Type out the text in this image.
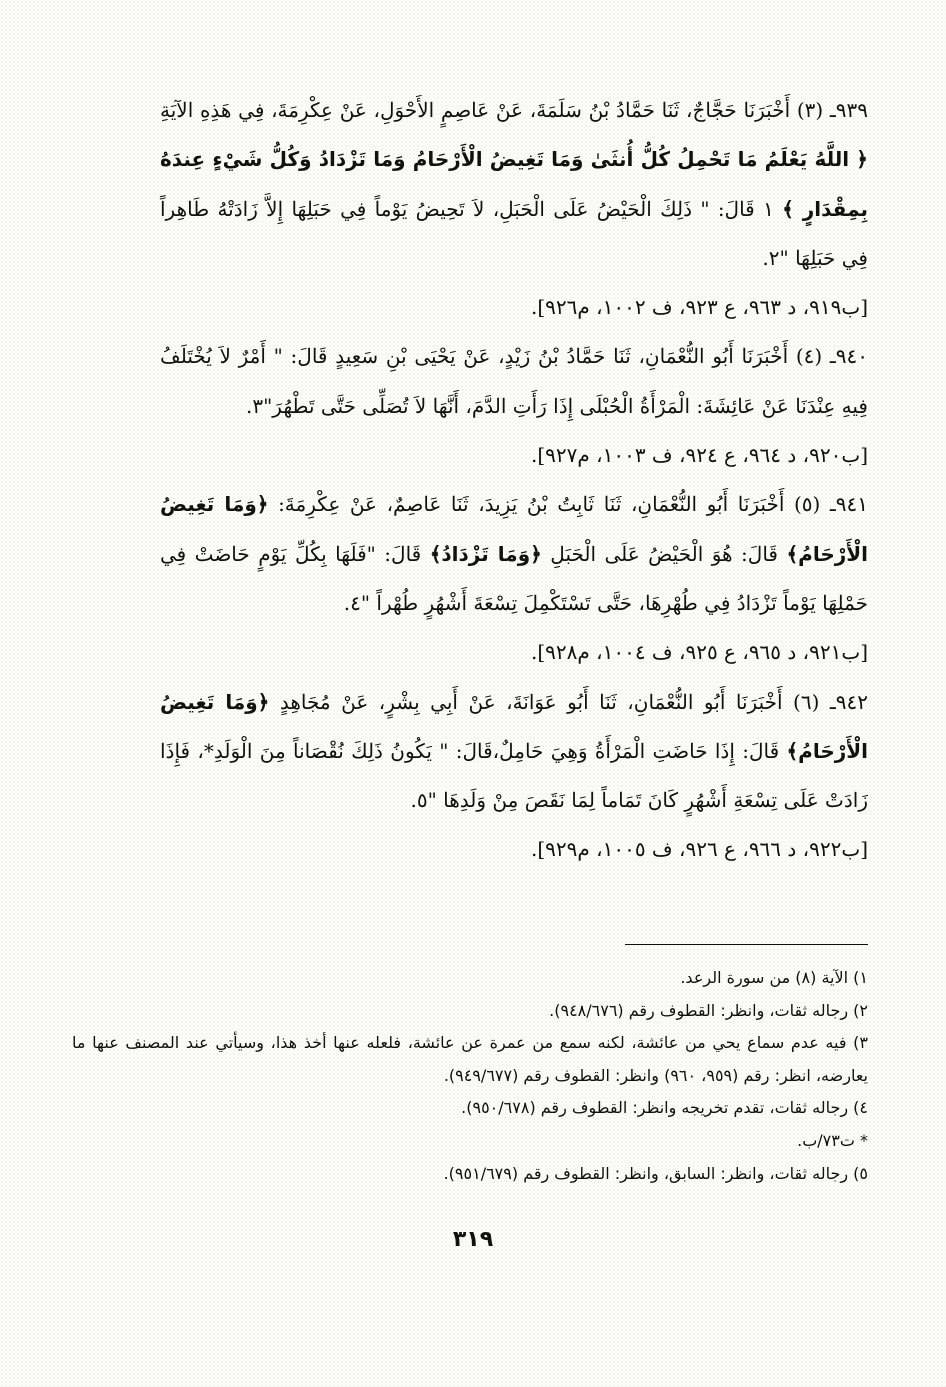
٩٣٩ـ (٣) أَخْبَرَنَا حَجَّاجٌ، ثَنَا حَمَّادُ بْنُ سَلَمَةَ، عَنْ عَاصِمٍ الأَحْوَلِ، عَنْ عِكْرِمَةَ، فِي هَذِهِ الآيَةِ ﴿ اللَّهُ يَعْلَمُ مَا تَحْمِلُ كُلُّ أُنثَىٰ وَمَا تَغِيضُ الْأَرْحَامُ وَمَا تَزْدَادُ وَكُلُّ شَيْءٍ عِندَهُ بِمِقْدَارٍ ﴾ ١ قَالَ: " ذَلِكَ الْحَيْضُ عَلَى الْحَبَلِ، لاَ تَحِيضُ يَوْماً فِي حَبَلِهَا إِلاَّ زَادَتْهُ طَاهِراً فِي حَبَلِهَا "٢.

[ب٩١٩، د ٩٦٣، ع ٩٢٣، ف ١٠٠٢، م٩٢٦].

٩٤٠ـ (٤) أَخْبَرَنَا أَبُو النُّعْمَانِ، ثَنَا حَمَّادُ بْنُ زَيْدٍ، عَنْ يَحْيَى بْنِ سَعِيدٍ قَالَ: " أَمْرٌ لاَ يُخْتَلَفُ فِيهِ عِنْدَنَا عَنْ عَائِشَةَ: الْمَرْأَةُ الْحُبْلَى إِذَا رَأَتِ الدَّمَ، أَنَّهَا لاَ تُصَلِّى حَتَّى تَطْهُرَ"٣.

[ب٩٢٠، د ٩٦٤، ع ٩٢٤، ف ١٠٠٣، م٩٢٧].

٩٤١ـ (٥) أَخْبَرَنَا أَبُو النُّعْمَانِ، ثَنَا ثَابِتُ بْنُ يَزِيدَ، ثَنَا عَاصِمٌ، عَنْ عِكْرِمَةَ: ﴿وَمَا تَغِيضُ الْأَرْحَامُ﴾ قَالَ: هُوَ الْحَيْضُ عَلَى الْحَبَلِ ﴿وَمَا تَزْدَادُ﴾ قَالَ: "فَلَهَا بِكُلِّ يَوْمٍ حَاضَتْ فِي حَمْلِهَا يَوْماً تَزْدَادُ فِي طُهْرِهَا، حَتَّى تَسْتَكْمِلَ تِسْعَةَ أَشْهُرٍ طُهْراً "٤.

[ب٩٢١، د ٩٦٥، ع ٩٢٥، ف ١٠٠٤، م٩٢٨].

٩٤٢ـ (٦) أَخْبَرَنَا أَبُو النُّعْمَانِ، ثَنَا أَبُو عَوَانَةَ، عَنْ أَبِي بِشْرٍ، عَنْ مُجَاهِدٍ ﴿وَمَا تَغِيضُ الْأَرْحَامُ﴾ قَالَ: إِذَا حَاضَتِ الْمَرْأَةُ وَهِيَ حَامِلٌ،قَالَ: " يَكُونُ ذَلِكَ نُقْصَاناً مِنَ الْوَلَدِ*، فَإِذَا زَادَتْ عَلَى تِسْعَةِ أَشْهُرٍ كَانَ تَمَاماً لِمَا نَقَصَ مِنْ وَلَدِهَا "٥.

[ب٩٢٢، د ٩٦٦، ع ٩٢٦، ف ١٠٠٥، م٩٢٩].

١) الآية (٨) من سورة الرعد.

٢) رجاله ثقات، وانظر: القطوف رقم (٩٤٨/٦٧٦).

٣) فيه عدم سماع يحي من عائشة، لكنه سمع من عمرة عن عائشة، فلعله عنها أخذ هذا، وسيأتي عند المصنف عنها ما يعارضه، انظر: رقم (٩٥٩، ٩٦٠) وانظر: القطوف رقم (٩٤٩/٦٧٧).

٤) رجاله ثقات، تقدم تخريجه وانظر: القطوف رقم (٩٥٠/٦٧٨).

* ت٧٣/ب.

٥) رجاله ثقات، وانظر: السابق، وانظر: القطوف رقم (٩٥١/٦٧٩).

٣١٩
